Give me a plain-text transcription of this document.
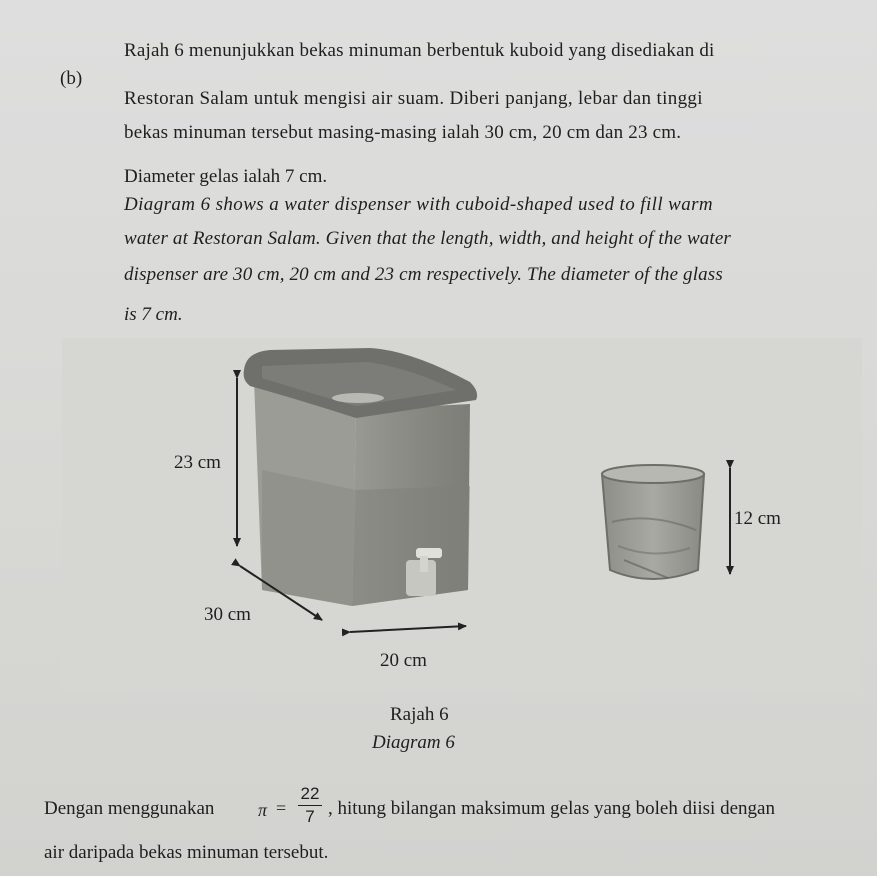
(b)
Rajah 6 menunjukkan bekas minuman berbentuk kuboid yang disediakan di
Restoran Salam untuk mengisi air suam. Diberi panjang, lebar dan tinggi
bekas minuman tersebut masing-masing ialah 30 cm, 20 cm dan 23 cm.
Diameter gelas ialah 7 cm.
Diagram 6 shows a water dispenser with cuboid-shaped used to fill warm
water at Restoran Salam. Given that the length, width, and height of the water
dispenser are 30 cm, 20 cm and 23 cm respectively. The diameter of the glass
is 7 cm.
23 cm
30 cm
20 cm
12 cm
Rajah 6
Diagram 6
Dengan menggunakan π =
22
7 , hitung bilangan maksimum gelas yang boleh diisi dengan
air daripada bekas minuman tersebut.
